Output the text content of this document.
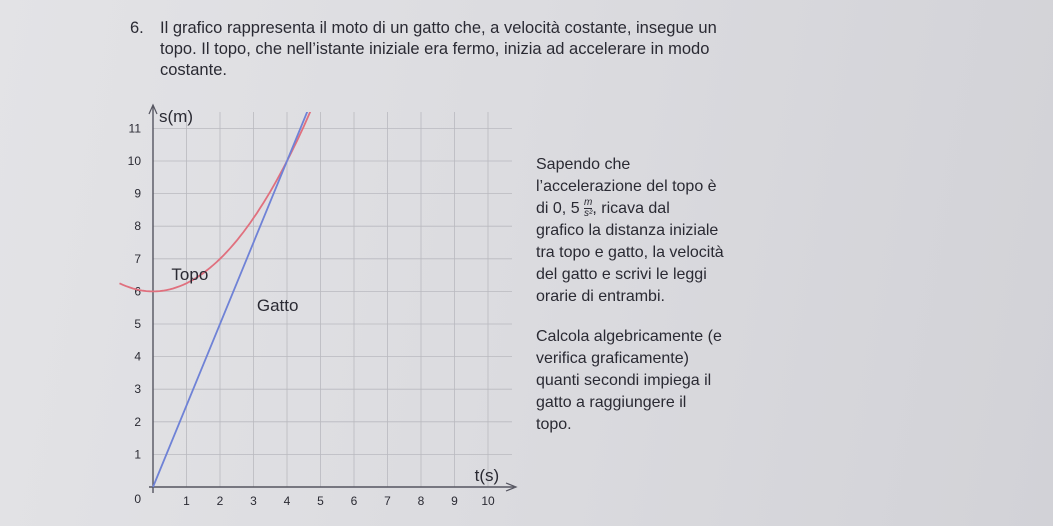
6. Il grafico rappresenta il moto di un gatto che, a velocità costante, insegue un
topo. Il topo, che nell’istante iniziale era fermo, inizia ad accelerare in modo
costante.
1 2 3 4 5 6 7 8 9 10
1
2
3
4
5
6
7
8
9
10
11
0
s(m)
t(s)
Topo
Gatto

Sapendo che

l’accelerazione del topo è

di 0, $5 \frac{m}{\text{s²}}$ , ricava dal

grafico la distanza iniziale

tra topo e gatto, la velocità

del gatto e scrivi le leggi

orarie di entrambi.

Calcola algebricamente (e

verifica graficamente)

quanti secondi impiega il

gatto a raggiungere il

topo.
